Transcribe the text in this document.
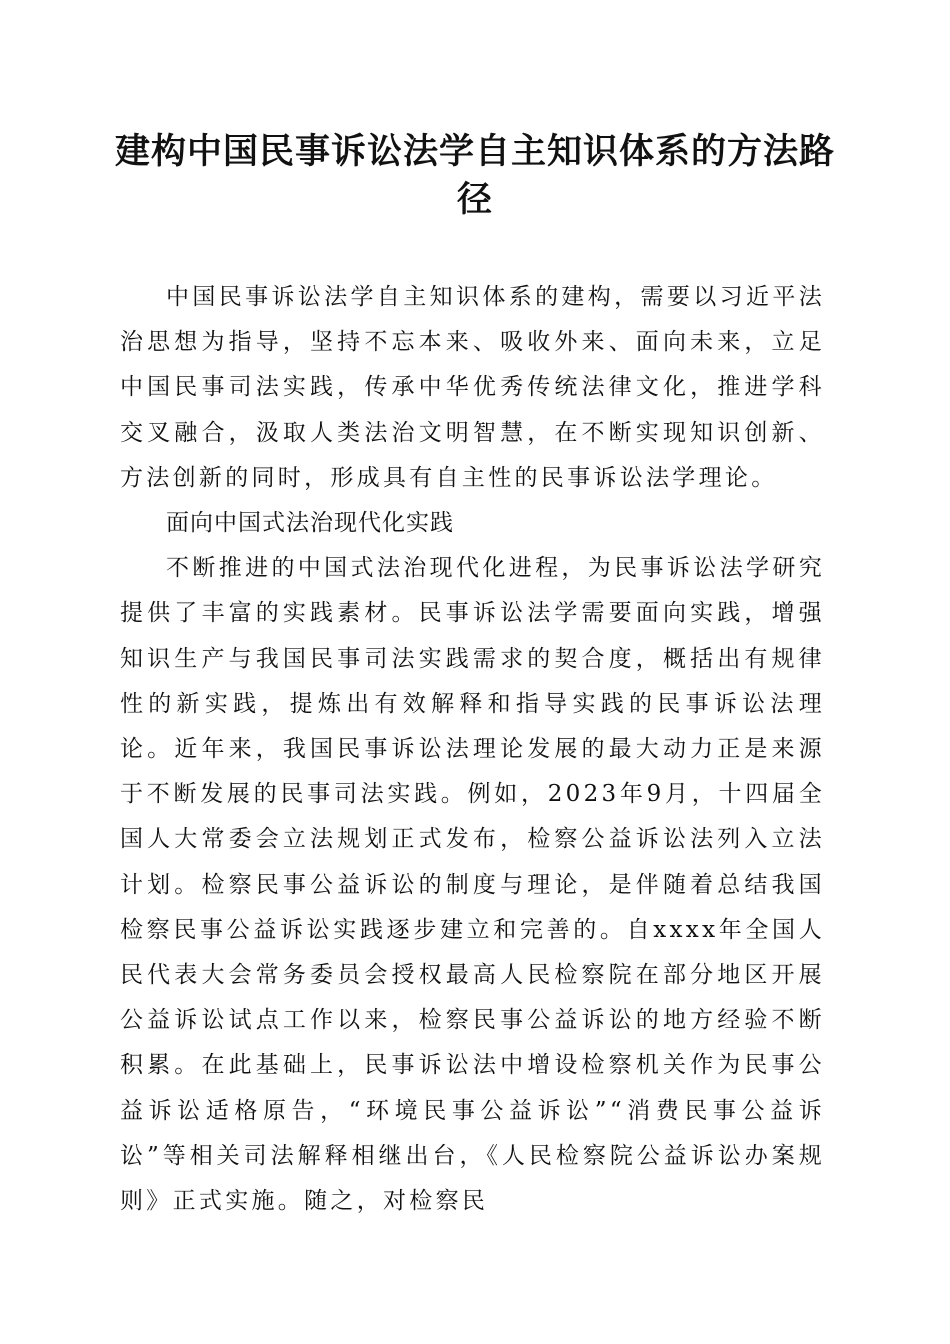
建构中国民事诉讼法学自主知识体系的方法路径

中国民事诉讼法学自主知识体系的建构，需要以习近平法治思想为指导，坚持不忘本来、吸收外来、面向未来，立足中国民事司法实践，传承中华优秀传统法律文化，推进学科交叉融合，汲取人类法治文明智慧，在不断实现知识创新、方法创新的同时，形成具有自主性的民事诉讼法学理论。

面向中国式法治现代化实践

不断推进的中国式法治现代化进程，为民事诉讼法学研究提供了丰富的实践素材。民事诉讼法学需要面向实践，增强知识生产与我国民事司法实践需求的契合度，概括出有规律性的新实践，提炼出有效解释和指导实践的民事诉讼法理论。近年来，我国民事诉讼法理论发展的最大动力正是来源于不断发展的民事司法实践。例如，2023年9月，十四届全国人大常委会立法规划正式发布，检察公益诉讼法列入立法计划。检察民事公益诉讼的制度与理论，是伴随着总结我国检察民事公益诉讼实践逐步建立和完善的。自xxxx年全国人民代表大会常务委员会授权最高人民检察院在部分地区开展公益诉讼试点工作以来，检察民事公益诉讼的地方经验不断积累。在此基础上，民事诉讼法中增设检察机关作为民事公益诉讼适格原告，“环境民事公益诉讼”“消费民事公益诉讼”等相关司法解释相继出台，《人民检察院公益诉讼办案规则》正式实施。随之，对检察民
